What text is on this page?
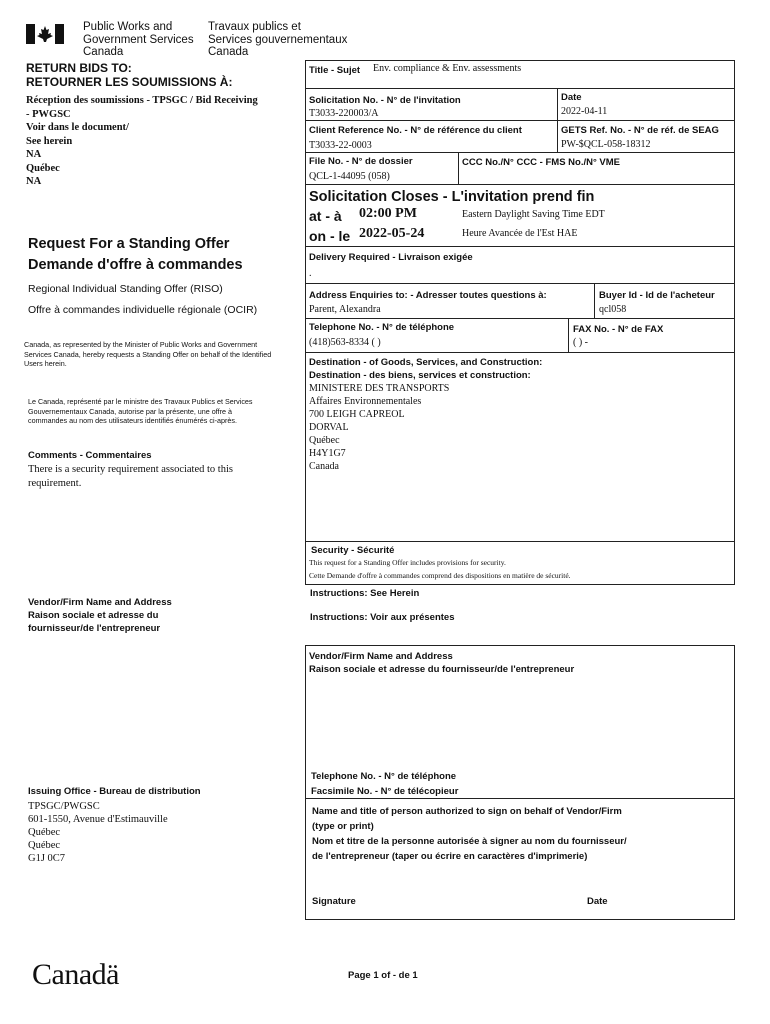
Public Works and
Government Services
Canada
Travaux publics et
Services gouvernementaux
Canada
RETURN BIDS TO:
RETOURNER LES SOUMISSIONS À:
Réception des soumissions - TPSGC / Bid Receiving
- PWGSC
Voir dans le document/
See herein
NA
Québec
NA
Request For a Standing Offer
Demande d'offre à commandes
Regional Individual Standing Offer (RISO)
Offre à commandes individuelle régionale (OCIR)
Canada, as represented by the Minister of Public Works and Government Services Canada, hereby requests a Standing Offer on behalf of the Identified Users herein.
Le Canada, représenté par le ministre des Travaux Publics et Services Gouvernementaux Canada, autorise par la présente, une offre à commandes au nom des utilisateurs identifiés énumérés ci-après.
Comments - Commentaires
There is a security requirement associated to this requirement.
Vendor/Firm Name and Address
Raison sociale et adresse du
fournisseur/de l'entrepreneur
Issuing Office - Bureau de distribution
TPSGC/PWGSC
601-1550, Avenue d'Estimauville
Québec
Québec
G1J 0C7
Title - Sujet Env. compliance & Env. assessments
Solicitation No. - N° de l'invitation
T3033-220003/A
Date
2022-04-11
Client Reference No. - N° de référence du client
T3033-22-0003
GETS Ref. No. - N° de réf. de SEAG
PW-$QCL-058-18312
File No. - N° de dossier
QCL-1-44095 (058)
CCC No./N° CCC - FMS No./N° VME
Solicitation Closes - L'invitation prend fin
at - à 02:00 PM	Eastern Daylight Saving Time EDT
on - le 2022-05-24	Heure Avancée de l'Est HAE
Delivery Required - Livraison exigée
.
Address Enquiries to: - Adresser toutes questions à:
Parent, Alexandra
Buyer Id - Id de l'acheteur
qcl058
Telephone No. - N° de téléphone
(418)563-8334 ( )
FAX No. - N° de FAX
( ) -
Destination - of Goods, Services, and Construction:
Destination - des biens, services et construction:
MINISTERE DES TRANSPORTS
Affaires Environnementales
700 LEIGH CAPREOL
DORVAL
Québec
H4Y1G7
Canada
Security - Sécurité
This request for a Standing Offer includes provisions for security.
Cette Demande d'offre à commandes comprend des dispositions en matière de sécurité.
Instructions: See Herein
Instructions: Voir aux présentes
Vendor/Firm Name and Address
Raison sociale et adresse du fournisseur/de l'entrepreneur
Telephone No. - N° de téléphone
Facsimile No. - N° de télécopieur
Name and title of person authorized to sign on behalf of Vendor/Firm
(type or print)
Nom et titre de la personne autorisée à signer au nom du fournisseur/
de l'entrepreneur (taper ou écrire en caractères d'imprimerie)
Signature	Date
Canadä	Page 1 of - de 1
